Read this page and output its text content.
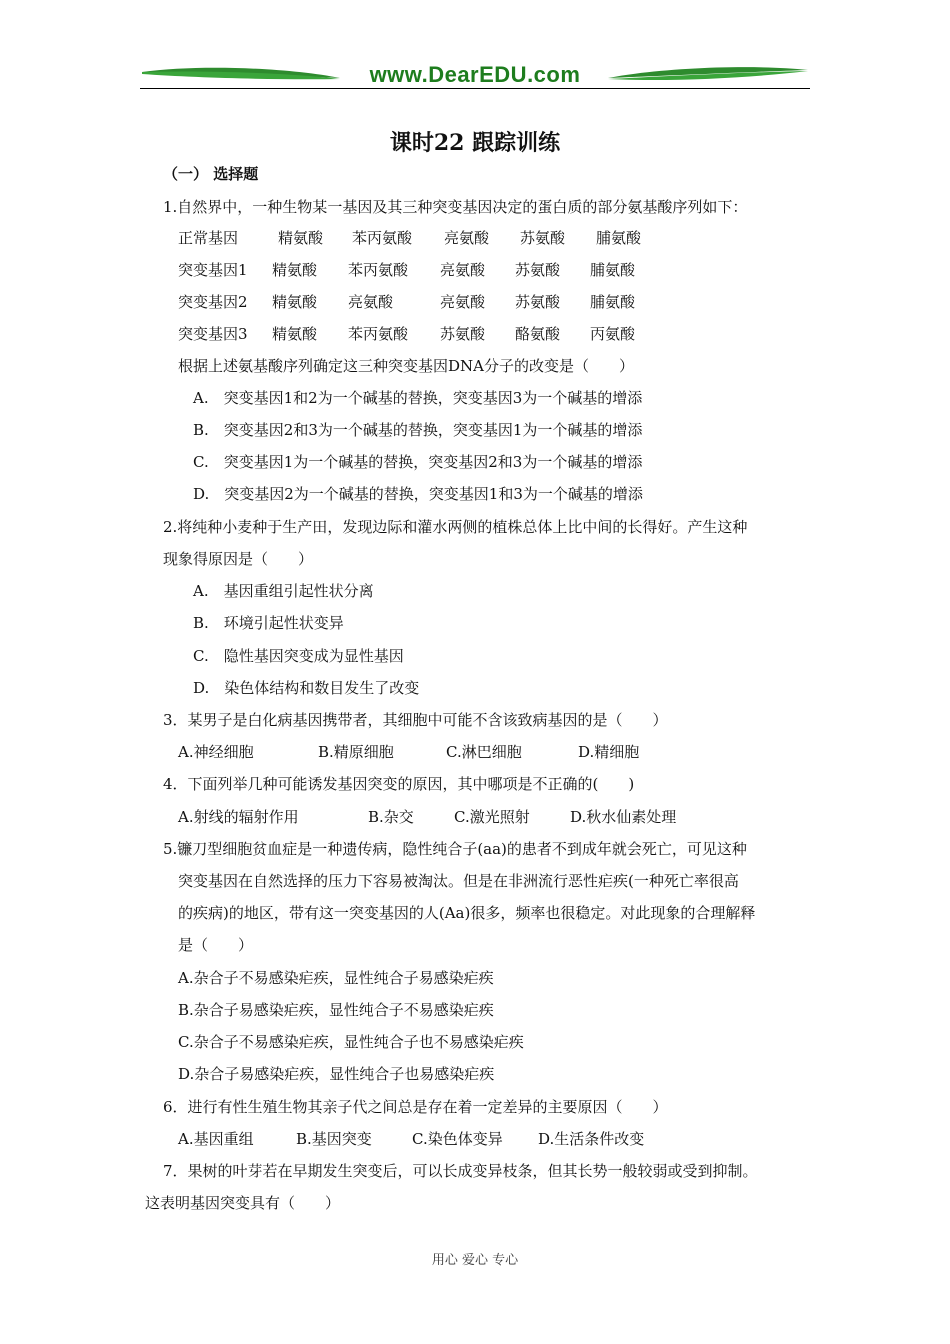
www.DearEDU.com
课时22 跟踪训练
（一） 选择题
1.自然界中，一种生物某一基因及其三种突变基因决定的蛋白质的部分氨基酸序列如下：
正常基因	精氨酸 苯丙氨酸 亮氨酸 苏氨酸 脯氨酸
突变基因1 精氨酸 苯丙氨酸 亮氨酸 苏氨酸 脯氨酸
突变基因2 精氨酸 亮氨酸	亮氨酸 苏氨酸 脯氨酸
突变基因3 精氨酸 苯丙氨酸 苏氨酸 酪氨酸 丙氨酸
根据上述氨基酸序列确定这三种突变基因DNA分子的改变是（　　）
A.　突变基因1和2为一个碱基的替换，突变基因3为一个碱基的增添
B.　突变基因2和3为一个碱基的替换，突变基因1为一个碱基的增添
C.　突变基因1为一个碱基的替换，突变基因2和3为一个碱基的增添
D.　突变基因2为一个碱基的替换，突变基因1和3为一个碱基的增添
2.将纯种小麦种于生产田，发现边际和灌水两侧的植株总体上比中间的长得好。产生这种
现象得原因是（　　）
A.　基因重组引起性状分离
B.　环境引起性状变异
C.　隐性基因突变成为显性基因
D.　染色体结构和数目发生了改变
3．某男子是白化病基因携带者，其细胞中可能不含该致病基因的是（　　）
A.神经细胞	B.精原细胞	C.淋巴细胞	D.精细胞
4．下面列举几种可能诱发基因突变的原因，其中哪项是不正确的(　　)
A.射线的辐射作用	B.杂交	C.激光照射	D.秋水仙素处理
5.镰刀型细胞贫血症是一种遗传病，隐性纯合子(aa)的患者不到成年就会死亡，可见这种
突变基因在自然选择的压力下容易被淘汰。但是在非洲流行恶性疟疾(一种死亡率很高
的疾病)的地区，带有这一突变基因的人(Aa)很多，频率也很稳定。对此现象的合理解释
是（　　）
A.杂合子不易感染疟疾，显性纯合子易感染疟疾
B.杂合子易感染疟疾，显性纯合子不易感染疟疾
C.杂合子不易感染疟疾，显性纯合子也不易感染疟疾
D.杂合子易感染疟疾，显性纯合子也易感染疟疾
6．进行有性生殖生物其亲子代之间总是存在着一定差异的主要原因（　　）
A.基因重组	B.基因突变	C.染色体变异 D.生活条件改变
7．果树的叶芽若在早期发生突变后，可以长成变异枝条，但其长势一般较弱或受到抑制。
这表明基因突变具有（　　）
用心 爱心 专心
